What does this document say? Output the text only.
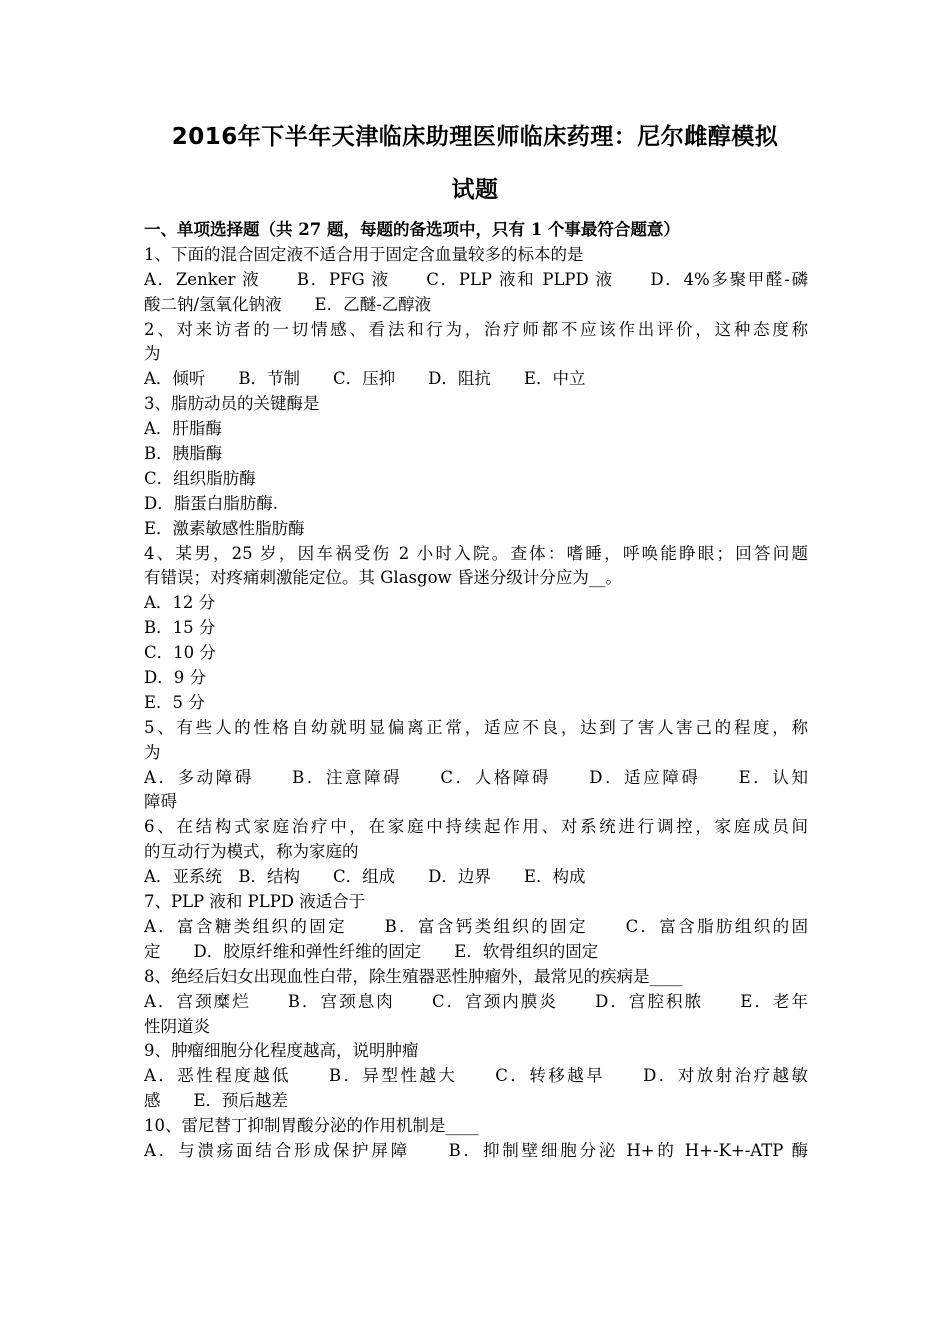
2016年下半年天津临床助理医师临床药理：尼尔雌醇模拟
试题
一、单项选择题（共 27 题，每题的备选项中，只有 1 个事最符合题意）
1、下面的混合固定液不适合用于固定含血量较多的标本的是
A．Zenker 液　　B．PFG 液　　C．PLP 液和 PLPD 液　　D．4%多聚甲醛-磷
酸二钠/氢氧化钠液　　E．乙醚-乙醇液
2、对来访者的一切情感、看法和行为，治疗师都不应该作出评价，这种态度称
为
A．倾听　　B．节制　　C．压抑　　D．阻抗　　E．中立
3、脂肪动员的关键酶是
A．肝脂酶
B．胰脂酶
C．组织脂肪酶
D．脂蛋白脂肪酶.
E．激素敏感性脂肪酶
4、某男，25 岁，因车祸受伤 2 小时入院。查体：嗜睡，呼唤能睁眼；回答问题
有错误；对疼痛刺激能定位。其 Glasgow 昏迷分级计分应为__。
A．12 分
B．15 分
C．10 分
D．9 分
E．5 分
5、有些人的性格自幼就明显偏离正常，适应不良，达到了害人害己的程度，称
为
A．多动障碍　　B．注意障碍　　C．人格障碍　　D．适应障碍　　E．认知
障碍
6、在结构式家庭治疗中，在家庭中持续起作用、对系统进行调控，家庭成员间
的互动行为模式，称为家庭的
A．亚系统　B．结构　　C．组成　　D．边界　　E．构成
7、PLP 液和 PLPD 液适合于
A．富含糖类组织的固定　　B．富含钙类组织的固定　　C．富含脂肪组织的固
定　　D．胶原纤维和弹性纤维的固定　　E．软骨组织的固定
8、绝经后妇女出现血性白带，除生殖器恶性肿瘤外，最常见的疾病是____
A．宫颈糜烂　　B．宫颈息肉　　C．宫颈内膜炎　　D．宫腔积脓　　E．老年
性阴道炎
9、肿瘤细胞分化程度越高，说明肿瘤
A．恶性程度越低　　B．异型性越大　　C．转移越早　　D．对放射治疗越敏
感　　E．预后越差
10、雷尼替丁抑制胃酸分泌的作用机制是____
A．与溃疡面结合形成保护屏障　　B．抑制壁细胞分泌 H+的 H+-K+-ATP 酶
